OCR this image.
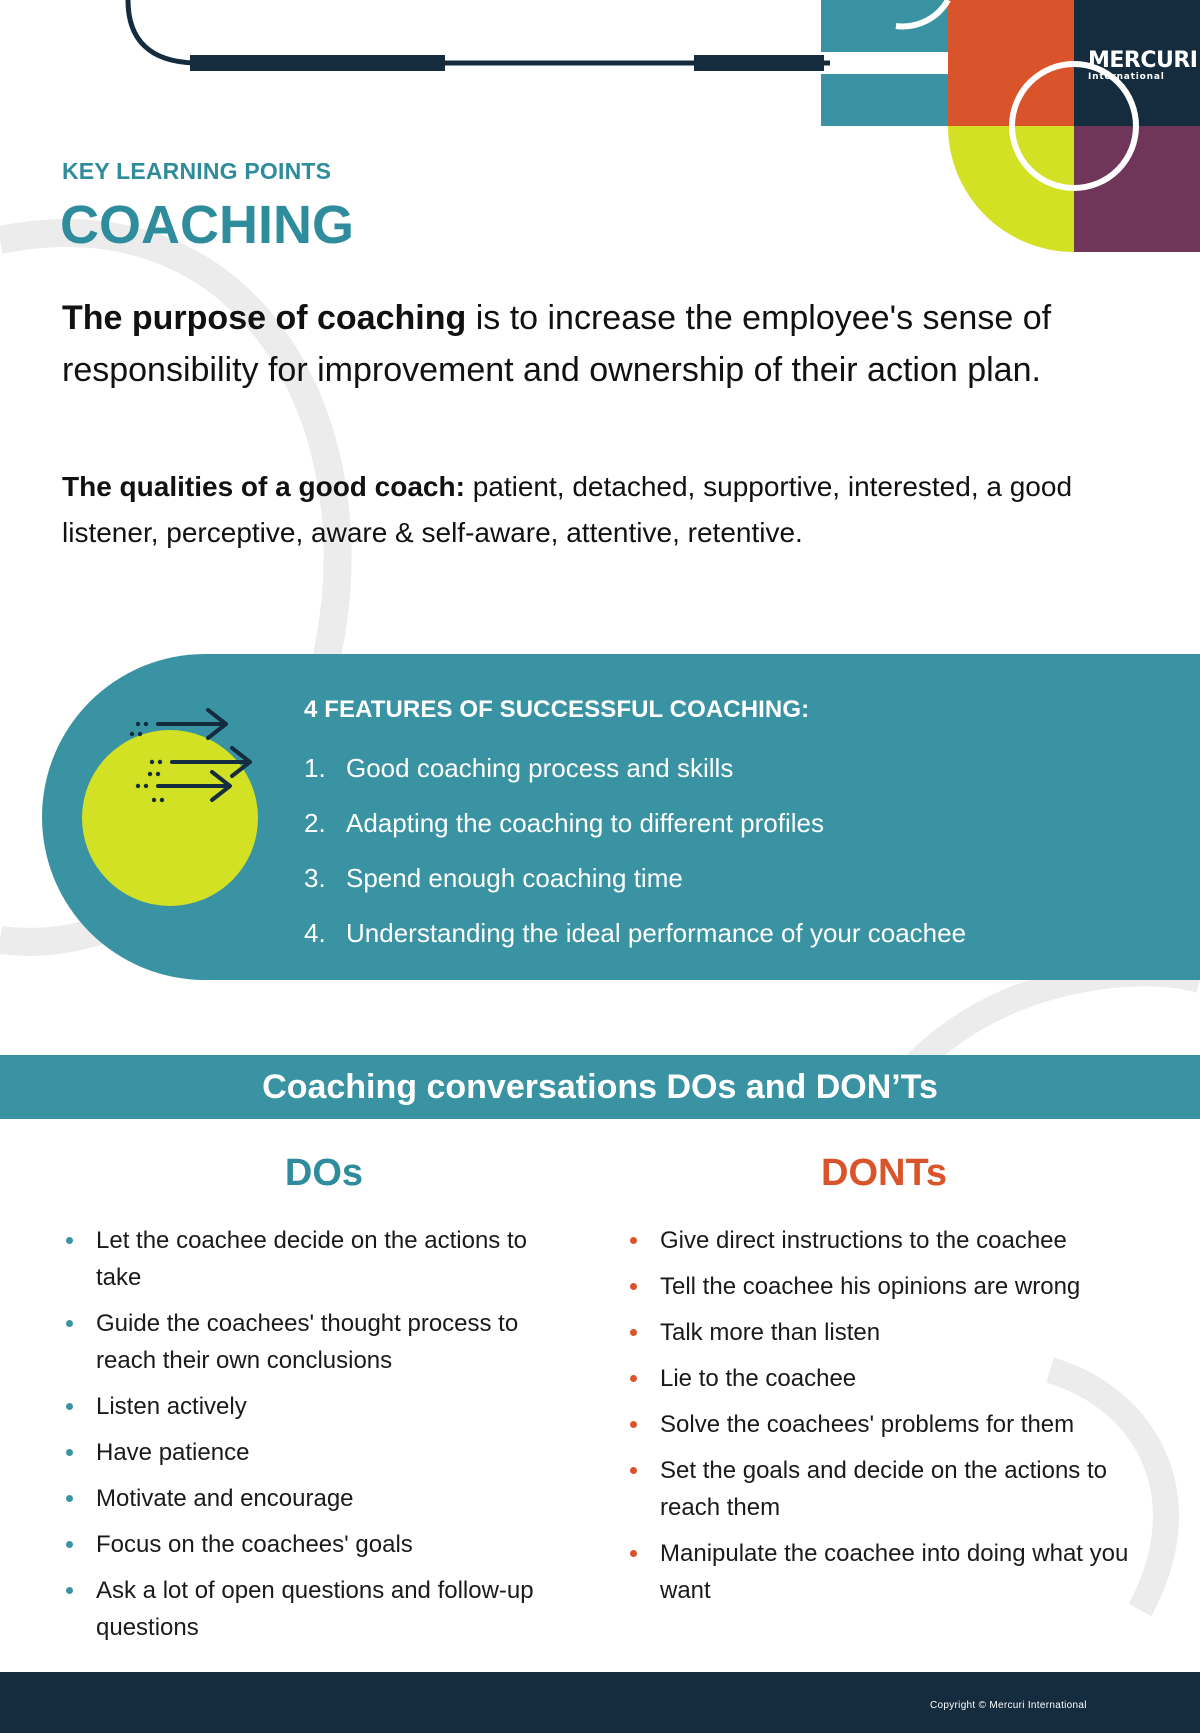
MERCURI
International

KEY LEARNING POINTS

COACHING

The purpose of coaching is to increase the employee's sense of responsibility for improvement and ownership of their action plan.

The qualities of a good coach: patient, detached, supportive, interested, a good listener, perceptive, aware & self-aware, attentive, retentive.

4 FEATURES OF SUCCESSFUL COACHING:

1. Good coaching process and skills
2. Adapting the coaching to different profiles
3. Spend enough coaching time
4. Understanding the ideal performance of your coachee
Coaching conversations DOs and DON’Ts
DOs	DONTs
Let the coachee decide on the actions to take
Guide the coachees' thought process to reach their own conclusions
Listen actively
Have patience
Motivate and encourage
Focus on the coachees' goals
Ask a lot of open questions and follow-up questions
Give direct instructions to the coachee
Tell the coachee his opinions are wrong
Talk more than listen
Lie to the coachee
Solve the coachees' problems for them
Set the goals and decide on the actions to reach them
Manipulate the coachee into doing what you want
Copyright © Mercuri International
